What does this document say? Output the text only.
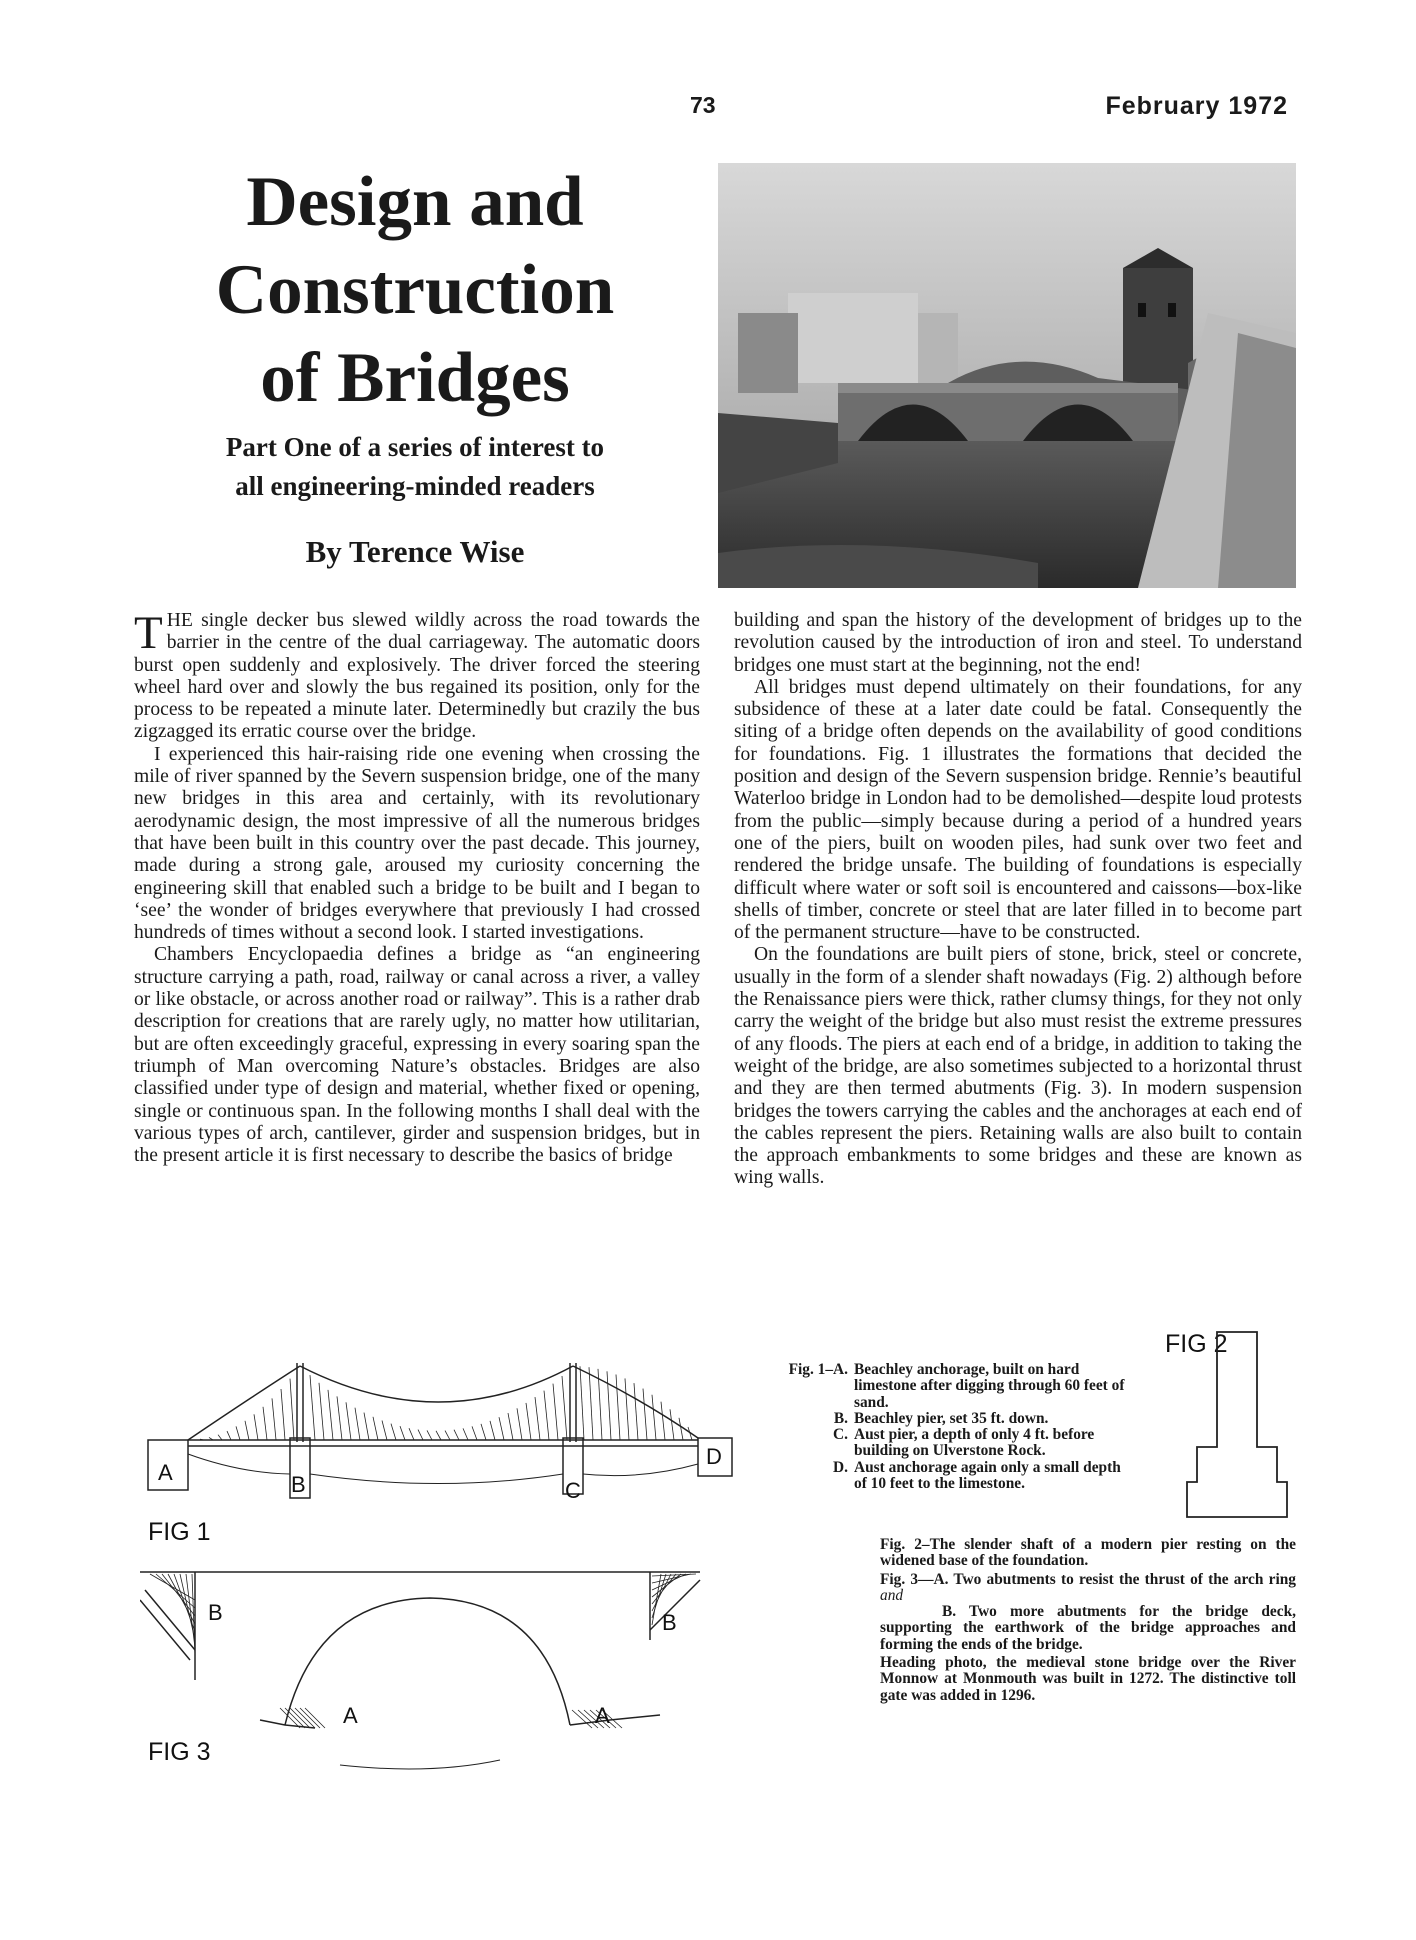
73	February 1972
Design and
Construction
of Bridges
Part One of a series of interest to
all engineering-minded readers
By Terence Wise

THE single decker bus slewed wildly across the road towards the barrier in the centre of the dual carriageway. The automatic doors burst open suddenly and explosively. The driver forced the steering wheel hard over and slowly the bus regained its position, only for the process to be repeated a minute later. Determinedly but crazily the bus zigzagged its erratic course over the bridge.

I experienced this hair-raising ride one evening when crossing the mile of river spanned by the Severn suspension bridge, one of the many new bridges in this area and certainly, with its revolutionary aerodynamic design, the most impressive of all the numerous bridges that have been built in this country over the past decade. This journey, made during a strong gale, aroused my curiosity concerning the engineering skill that enabled such a bridge to be built and I began to ‘see’ the wonder of bridges everywhere that previously I had crossed hundreds of times without a second look. I started investigations.

Chambers Encyclopaedia defines a bridge as “an engineering structure carrying a path, road, railway or canal across a river, a valley or like obstacle, or across another road or railway”. This is a rather drab description for creations that are rarely ugly, no matter how utilitarian, but are often exceedingly graceful, expressing in every soaring span the triumph of Man overcoming Nature’s obstacles. Bridges are also classified under type of design and material, whether fixed or opening, single or continuous span. In the following months I shall deal with the various types of arch, cantilever, girder and suspension bridges, but in the present article it is first necessary to describe the basics of bridge

building and span the history of the development of bridges up to the revolution caused by the introduction of iron and steel. To understand bridges one must start at the beginning, not the end!

All bridges must depend ultimately on their foundations, for any subsidence of these at a later date could be fatal. Consequently the siting of a bridge often depends on the availability of good conditions for foundations. Fig. 1 illustrates the formations that decided the position and design of the Severn suspension bridge. Rennie’s beautiful Waterloo bridge in London had to be demolished—despite loud protests from the public—simply because during a period of a hundred years one of the piers, built on wooden piles, had sunk over two feet and rendered the bridge unsafe. The building of foundations is especially difficult where water or soft soil is encountered and caissons—box-like shells of timber, concrete or steel that are later filled in to become part of the permanent structure—have to be constructed.

On the foundations are built piers of stone, brick, steel or concrete, usually in the form of a slender shaft nowadays (Fig. 2) although before the Renaissance piers were thick, rather clumsy things, for they not only carry the weight of the bridge but also must resist the extreme pressures of any floods. The piers at each end of a bridge, in addition to taking the weight of the bridge, are also sometimes subjected to a horizontal thrust and they are then termed abutments (Fig. 3). In modern suspension bridges the towers carrying the cables and the anchorages at each end of the cables represent the piers. Retaining walls are also built to contain the approach embankments to some bridges and these are known as wing walls.

A	B	C
D
FIG 1
FIG 2
B	B
A	A
FIG 3
Fig. 1–A. Beachley anchorage, built on hard limestone after digging through 60 feet of sand.
B. Beachley pier, set 35 ft. down.
C. Aust pier, a depth of only 4 ft. before building on Ulverstone Rock.
D. Aust anchorage again only a small depth of 10 feet to the limestone.

Fig. 2–The slender shaft of a modern pier resting on the widened base of the foundation.

Fig. 3—A. Two abutments to resist the thrust of the arch ring and
B. Two more abutments for the bridge deck, supporting the earthwork of the bridge approaches and forming the ends of the bridge.

Heading photo, the medieval stone bridge over the River Monnow at Monmouth was built in 1272. The distinctive toll gate was added in 1296.
